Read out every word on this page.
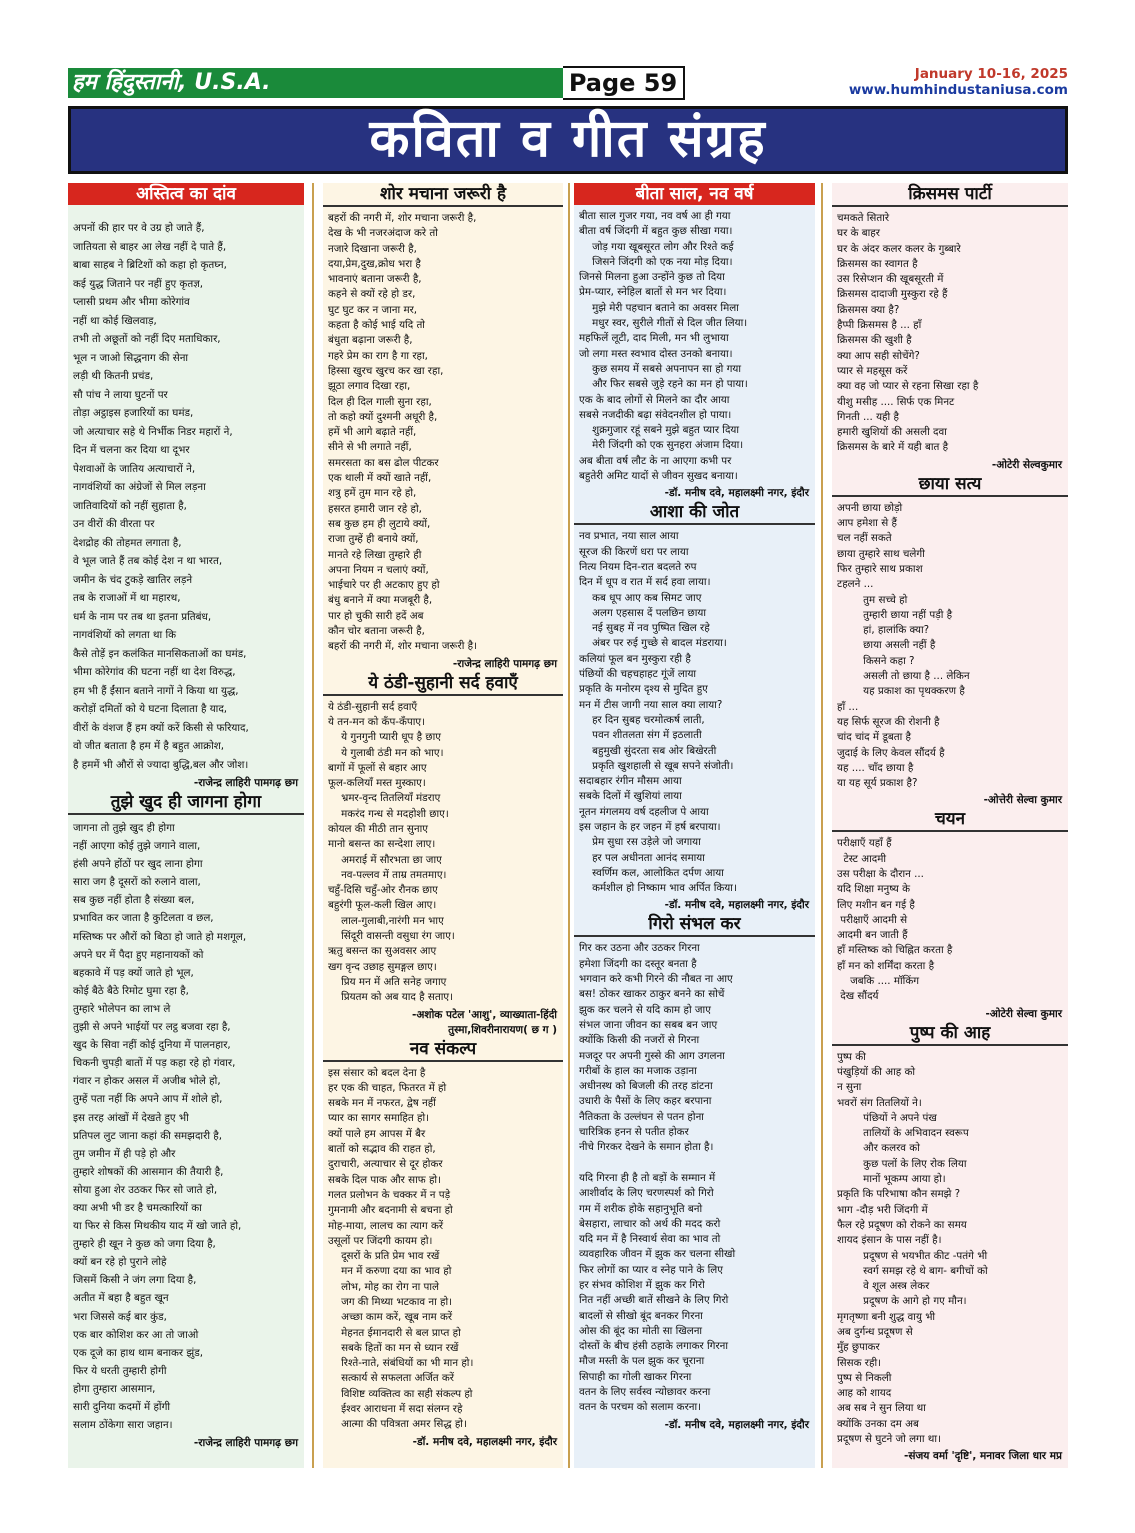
हम हिंदुस्तानी, U.S.A.	Page 59	January 10-16, 2025
www.humhindustaniusa.com
कविता व गीत संग्रह
अस्तित्व का दांव
अपनों की हार पर वे उग्र हो जाते हैं,
जातियता से बाहर आ लेख नहीं दे पाते हैं,
बाबा साहब ने ब्रिटिशों को कहा हो कृतघ्न,
कई युद्ध जिताने पर नहीं हुए कृतज्ञ,
प्लासी प्रथम और भीमा कोरेगांव
नहीं था कोई खिलवाड़,
तभी तो अछूतों को नहीं दिए मताधिकार,
भूल न जाओ सिद्धनाग की सेना
लड़ी थी कितनी प्रचंड,
सौ पांच ने लाया घुटनों पर
तोड़ा अट्ठाइस हजारियों का घमंड,
जो अत्याचार सहे थे निर्भीक निडर महारों ने,
दिन में चलना कर दिया था दूभर
पेशवाओं के जातिय अत्याचारों ने,
नागवंशियों का अंग्रेजों से मिल लड़ना
जातिवादियों को नहीं सुहाता है,
उन वीरों की वीरता पर
देशद्रोह की तोहमत लगाता है,
वे भूल जाते हैं तब कोई देश न था भारत,
जमीन के चंद टुकड़े खातिर लड़ने
तब के राजाओं में था महारथ,
धर्म के नाम पर तब था इतना प्रतिबंध,
नागवंशियों को लगता था कि
कैसे तोड़ें इन कलंकित मानसिकताओं का घमंड,
भीमा कोरेगांव की घटना नहीं था देश विरुद्ध,
हम भी हैं ईंसान बताने नागों ने किया था युद्ध,
करोड़ों दमितों को ये घटना दिलाता है याद,
वीरों के वंशज हैं हम क्यों करें किसी से फरियाद,
वो जीत बताता है हम में है बहुत आक्रोश,
है हममें भी औरों से ज्यादा बुद्धि,बल और जोश।
-राजेन्द्र लाहिरी पामगढ़ छग
तुझे खुद ही जागना होगा
जागना तो तुझे खुद ही होगा
नहीं आएगा कोई तुझे जगाने वाला,
हंसी अपने होंठों पर खुद लाना होगा
सारा जग है दूसरों को रुलाने वाला,
सब कुछ नहीं होता है संख्या बल,
प्रभावित कर जाता है कुटिलता व छल,
मस्तिष्क पर औरों को बिठा हो जाते हो मशगूल,
अपने घर में पैदा हुए महानायकों को
बहकावे में पड़ क्यों जाते हो भूल,
कोई बैठे बैठे रिमोट घुमा रहा है,
तुम्हारे भोलेपन का लाभ ले
तुझी से अपने भाईयों पर लट्ठ बजवा रहा है,
खुद के सिवा नहीं कोई दुनिया में पालनहार,
चिकनी चुपड़ी बातों में पड़ कहा रहे हो गंवार,
गंवार न होकर असल में अजीब भोले हो,
तुम्हें पता नहीं कि अपने आप में शोले हो,
इस तरह आंखों में देखते हुए भी
प्रतिपल लुट जाना कहां की समझदारी है,
तुम जमीन में ही पड़े हो और
तुम्हारे शोषकों की आसमान की तैयारी है,
सोया हुआ शेर उठकर फिर सो जाते हो,
क्या अभी भी डर है चमत्कारियों का
या फिर से किस मिथकीय याद में खो जाते हो,
तुम्हारे ही खून ने कुछ को जगा दिया है,
क्यों बन रहे हो पुराने लोहे
जिसमें किसी ने जंग लगा दिया है,
अतीत में बहा है बहुत खून
भरा जिससे कई बार कुंड,
एक बार कोशिश कर आ तो जाओ
एक दूजे का हाथ थाम बनाकर झुंड,
फिर ये धरती तुम्हारी होगी
होगा तुम्हारा आसमान,
सारी दुनिया कदमों में होंगी
सलाम ठोंकेगा सारा जहान।
-राजेन्द्र लाहिरी पामगढ़ छग
शोर मचाना जरूरी है
बहरों की नगरी में, शोर मचाना जरूरी है,
देख के भी नजरअंदाज करे तो
नजारे दिखाना जरूरी है,
दया,प्रेम,दुख,क्रोध भरा है
भावनाएं बताना जरूरी है,
कहने से क्यों रहे हो डर,
घुट घुट कर न जाना मर,
कहता है कोई भाई यदि तो
बंधुता बढ़ाना जरूरी है,
गहरे प्रेम का राग है गा रहा,
हिस्सा खुरच खुरच कर खा रहा,
झूठा लगाव दिखा रहा,
दिल ही दिल गाली सुना रहा,
तो कहो क्यों दुश्मनी अधूरी है,
हमें भी आगे बढ़ाते नहीं,
सीने से भी लगाते नहीं,
समरसता का बस ढोल पीटकर
एक थाली में क्यों खाते नहीं,
शत्रु हमें तुम मान रहे हो,
हसरत हमारी जान रहे हो,
सब कुछ हम ही लुटाये क्यों,
राजा तुम्हें ही बनाये क्यों,
मानते रहे लिखा तुम्हारे ही
अपना नियम न चलाएं क्यों,
भाईचारे पर ही अटकाए हुए हो
बंधु बनाने में क्या मजबूरी है,
पार हो चुकी सारी हदें अब
कौन चोर बताना जरूरी है,
बहरों की नगरी में, शोर मचाना जरूरी है।
-राजेन्द्र लाहिरी पामगढ़ छग
ये ठंडी-सुहानी सर्द हवाएँ
ये ठंडी-सुहानी सर्द हवाएँ
ये तन-मन को कँप-कँपाए।
ये गुनगुनी प्यारी धूप है छाए
ये गुलाबी ठंडी मन को भाए।
बागों में फूलों से बहार आए
फूल-कलियाँ मस्त मुस्काए।
भ्रमर-वृन्द तितलियाँ मंडराए
मकरंद गन्ध से मदहोशी छाए।
कोयल की मीठी तान सुनाए
मानो बसन्त का सन्देशा लाए।
अमराई में सौरभता छा जाए
नव-पल्लव में ताम्र तमतमाए।
चहुँ-दिसि चहुँ-ओर रौनक छाए
बहुरंगी फूल-कली खिल आए।
लाल-गुलाबी,नारंगी मन भाए
सिंदूरी वासन्ती वसुधा रंग जाए।
ऋतु बसन्त का सुअवसर आए
खग वृन्द उछाह सुमङ्गल छाए।
प्रिय मन में अति सनेह जगाए
प्रियतम को अब याद है सताए।
-अशोक पटेल 'आशु', व्याख्याता-हिंदी
तुस्मा,शिवरीनारायण( छ ग )
नव संकल्प
इस संसार को बदल देना है
हर एक की चाहत, फितरत में हो
सबके मन में नफरत, द्वेष नहीं
प्यार का सागर समाहित हो।
क्यों पाले हम आपस में बैर
बातों को सद्भाव की राहत हो,
दुराचारी, अत्याचार से दूर होकर
सबके दिल पाक और साफ हो।
गलत प्रलोभन के चक्कर में न पड़े
गुमनामी और बदनामी से बचना हो
मोह-माया, लालच का त्याग करें
उसूलों पर जिंदगी कायम हो।
दूसरों के प्रति प्रेम भाव रखें
मन में करुणा दया का भाव हो
लोभ, मोह का रोग ना पाले
जग की मिथ्या भटकाव ना हो।
अच्छा काम करें, खूब नाम करें
मेहनत ईमानदारी से बल प्राप्त हो
सबके हितों का मन से ध्यान रखें
रिश्ते-नाते, संबंधियों का भी मान हो।
सत्कार्य से सफलता अर्जित करें
विशिष्ट व्यक्तित्व का सही संकल्प हो
ईश्वर आराधना में सदा संलग्न रहे
आत्मा की पवित्रता अमर सिद्ध हो।
-डॉ. मनीष दवे, महालक्ष्मी नगर, इंदौर
बीता साल, नव वर्ष
बीता साल गुजर गया, नव वर्ष आ ही गया
बीता वर्ष जिंदगी में बहुत कुछ सीखा गया।
जोड़ गया खूबसूरत लोग और रिश्ते कई
जिसने जिंदगी को एक नया मोड़ दिया।
जिनसे मिलना हुआ उन्होंने कुछ तो दिया
प्रेम-प्यार, स्नेहिल बातों से मन भर दिया।
मुझे मेरी पहचान बताने का अवसर मिला
मधुर स्वर, सुरीले गीतों से दिल जीत लिया।
महफिलें लूटी, दाद मिली, मन भी लुभाया
जो लगा मस्त स्वभाव दोस्त उनको बनाया।
कुछ समय में सबसे अपनापन सा हो गया
और फिर सबसे जुड़े रहने का मन हो पाया।
एक के बाद लोगों से मिलने का दौर आया
सबसे नजदीकी बढ़ा संवेदनशील हो पाया।
शुक्रगुजार रहूं सबने मुझे बहुत प्यार दिया
मेरी जिंदगी को एक सुनहरा अंजाम दिया।
अब बीता वर्ष लौट के ना आएगा कभी पर
बहुतेरी अमिट यादों से जीवन सुखद बनाया।
-डॉ. मनीष दवे, महालक्ष्मी नगर, इंदौर
आशा की जोत
नव प्रभात, नया साल आया
सूरज की किरणें धरा पर लाया
नित्य नियम दिन-रात बदलते रुप
दिन में धूप व रात में सर्द हवा लाया।
कब धूप आए कब सिमट जाए
अलग एहसास दें पलछिन छाया
नई सुबह में नव पुष्पित खिल रहे
अंबर पर रुई गुच्छे से बादल मंडराया।
कलियां फूल बन मुस्कुरा रही है
पंछियों की चहचहाहट गूंजें लाया
प्रकृति के मनोरम दृश्य से मुदित हुए
मन में टीस जागी नया साल क्या लाया?
हर दिन सुबह चरमोत्कर्ष लाती,
पवन शीतलता संग में इठलाती
बहुमुखी सुंदरता सब ओर बिखेरती
प्रकृति खुशहाली से खूब सपने संजोती।
सदाबहार रंगीन मौसम आया
सबके दिलों में खुशियां लाया
नूतन मंगलमय वर्ष दहलीज पे आया
इस जहान के हर जहन में हर्ष बरपाया।
प्रेम सुधा रस उड़ेले जो जगाया
हर पल अधीनता आनंद समाया
स्वर्णिम कल, आलोकित दर्पण आया
कर्मशील हो निष्काम भाव अर्पित किया।
-डॉ. मनीष दवे, महालक्ष्मी नगर, इंदौर
गिरो संभल कर
गिर कर उठना और उठकर गिरना
हमेशा जिंदगी का दस्तूर बनता है
भगवान करे कभी गिरने की नौबत ना आए
बस! ठोकर खाकर ठाकुर बनने का सोचें
झुक कर चलने से यदि काम हो जाए
संभल जाना जीवन का सबब बन जाए
क्योंकि किसी की नजरों से गिरना
मजदूर पर अपनी गुस्से की आग उगलना
गरीबों के हाल का मजाक उड़ाना
अधीनस्थ को बिजली की तरह डांटना
उधारी के पैसों के लिए कहर बरपाना
नैतिकता के उल्लंघन से पतन होना
चारित्रिक हनन से पतीत होकर
नीचे गिरकर देखने के समान होता है।

यदि गिरना ही है तो बड़ों के सम्मान में
आशीर्वाद के लिए चरणस्पर्श को गिरो
गम में शरीक होके सहानुभूति बनो
बेसहारा, लाचार को अर्थ की मदद करो
यदि मन में है निस्वार्थ सेवा का भाव तो
व्यवहारिक जीवन में झुक कर चलना सीखो
फिर लोगों का प्यार व स्नेह पाने के लिए
हर संभव कोशिश में झुक कर गिरो
नित नहीं अच्छी बातें सीखने के लिए गिरो
बादलों से सीखो बूंद बनकर गिरना
ओस की बूंद का मोती सा खिलना
दोस्तों के बीच हंसी ठहाके लगाकर गिरना
मौज मस्ती के पल झुक कर चूराना
सिपाही का गोली खाकर गिरना
वतन के लिए सर्वस्व न्योछावर करना
वतन के परचम को सलाम करना।
-डॉ. मनीष दवे, महालक्ष्मी नगर, इंदौर
क्रिसमस पार्टी
चमकते सितारे
घर के बाहर
घर के अंदर कलर कलर के गुब्बारे
क्रिसमस का स्वागत है
उस रिसेप्शन की खूबसूरती में
क्रिसमस दादाजी मुस्कुरा रहे हैं
क्रिसमस क्या है?
हैप्पी क्रिसमस है ... हाँ
क्रिसमस की खुशी है
क्या आप सही सोचेंगे?
प्यार से महसूस करें
क्या वह जो प्यार से रहना सिखा रहा है
यीशु मसीह .... सिर्फ एक मिनट
गिनती ... यही है
हमारी खुशियों की असली दवा
क्रिसमस के बारे में यही बात है
-ओटेरी सेल्वकुमार
छाया सत्य
अपनी छाया छोड़ो
आप हमेशा से हैं
चल नहीं सकते
छाया तुम्हारे साथ चलेगी
फिर तुम्हारे साथ प्रकाश
टहलने ...
तुम सच्चे हो
तुम्हारी छाया नहीं पड़ी है
हां, हालांकि क्या?
छाया असली नहीं है
किसने कहा ?
असली तो छाया है ... लेकिन
यह प्रकाश का पृथक्करण है
हाँ ...
यह सिर्फ सूरज की रोशनी है
चांद चांद में डूबता है
जुदाई के लिए केवल सौंदर्य है
यह .... चाँद छाया है
या यह सूर्य प्रकाश है?
-ओत्तेरी सेल्वा कुमार
चयन
परीक्षाएँ यहाँ हैं
टेस्ट आदमी
उस परीक्षा के दौरान ...
यदि शिक्षा मनुष्य के
लिए मशीन बन गई है
परीक्षाएँ आदमी से
आदमी बन जाती हैं
हाँ मस्तिष्क को चिह्नित करता है
हाँ मन को शर्मिंदा करता है
जबकि .... मॉकिंग
देख सौंदर्य
-ओटेरी सेल्वा कुमार
पुष्प की आह
पुष्प की
पंखुड़ियों की आह को
न सुना
भवरों संग तितलियों ने।
पंछियों ने अपने पंख
तालियों के अभिवादन स्वरूप
और कलरव को
कुछ पलों के लिए रोक लिया
मानों भूकम्प आया हो।
प्रकृति कि परिभाषा कौन समझे ?
भाग -दौड़ भरी जिंदगी में
फैल रहे प्रदूषण को रोकने का समय
शायद इंसान के पास नहीं है।
प्रदूषण से भयभीत कीट -पतंगे भी
स्वर्ग समझ रहे थे बाग- बगीचों को
वे शूल अस्त्र लेकर
प्रदूषण के आगे हो गए मौन।
मृगतृष्णा बनी शुद्ध वायु भी
अब दुर्गन्ध प्रदूषण से
मुँह छुपाकर
सिसक रही।
पुष्प से निकली
आह को शायद
अब सब ने सुन लिया था
क्योंकि उनका दम अब
प्रदूषण से घुटने जो लगा था।
-संजय वर्मा 'दृष्टि', मनावर जिला धार मप्र
